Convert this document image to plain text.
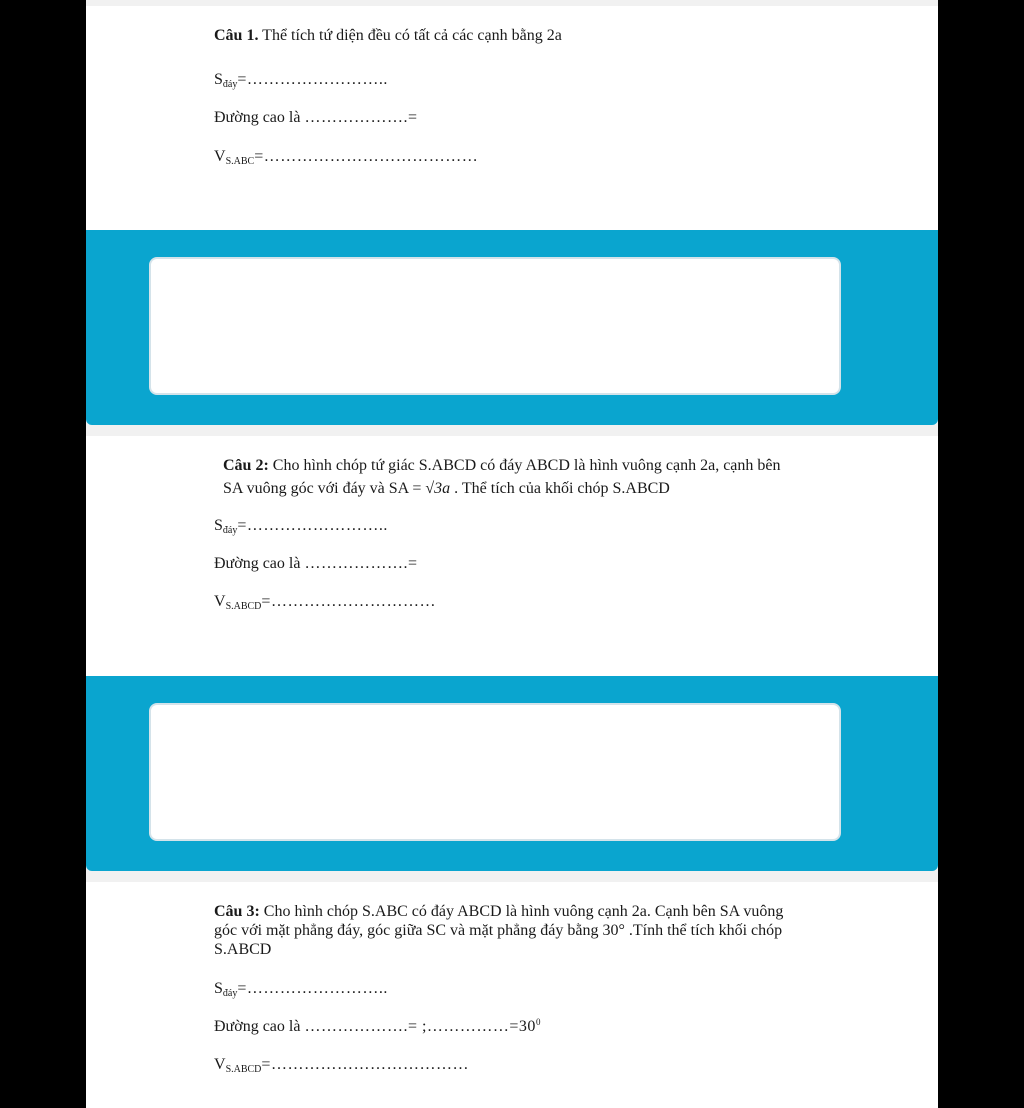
Câu 1. Thể tích tứ diện đều có tất cả các cạnh bằng 2a
Sđáy=……………………..
Đường cao là ……………….=
VS.ABC=…………………………………
Câu 2: Cho hình chóp tứ giác S.ABCD có đáy ABCD là hình vuông cạnh 2a, cạnh bên
SA vuông góc với đáy và SA = √3a . Thể tích của khối chóp S.ABCD
Sđáy=……………………..
Đường cao là ……………….=
VS.ABCD=…………………………
Câu 3: Cho hình chóp S.ABC có đáy ABCD là hình vuông cạnh 2a. Cạnh bên SA vuông
góc với mặt phẳng đáy, góc giữa SC và mặt phẳng đáy bằng 30° .Tính thể tích khối chóp
S.ABCD
Sđáy=……………………..
Đường cao là ……………….= $;\dots\dots\dots\dots\dots=30^0$
VS.ABCD=………………………………
